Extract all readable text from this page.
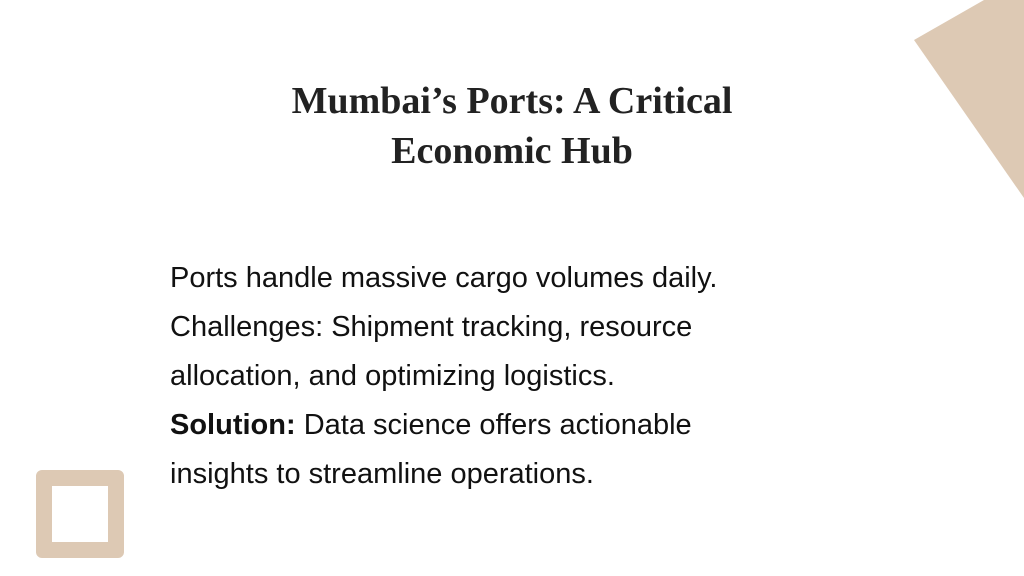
Mumbai’s Ports: A Critical
Economic Hub
Ports handle massive cargo volumes daily.
Challenges: Shipment tracking, resource
allocation, and optimizing logistics.
Solution: Data science offers actionable
insights to streamline operations.
